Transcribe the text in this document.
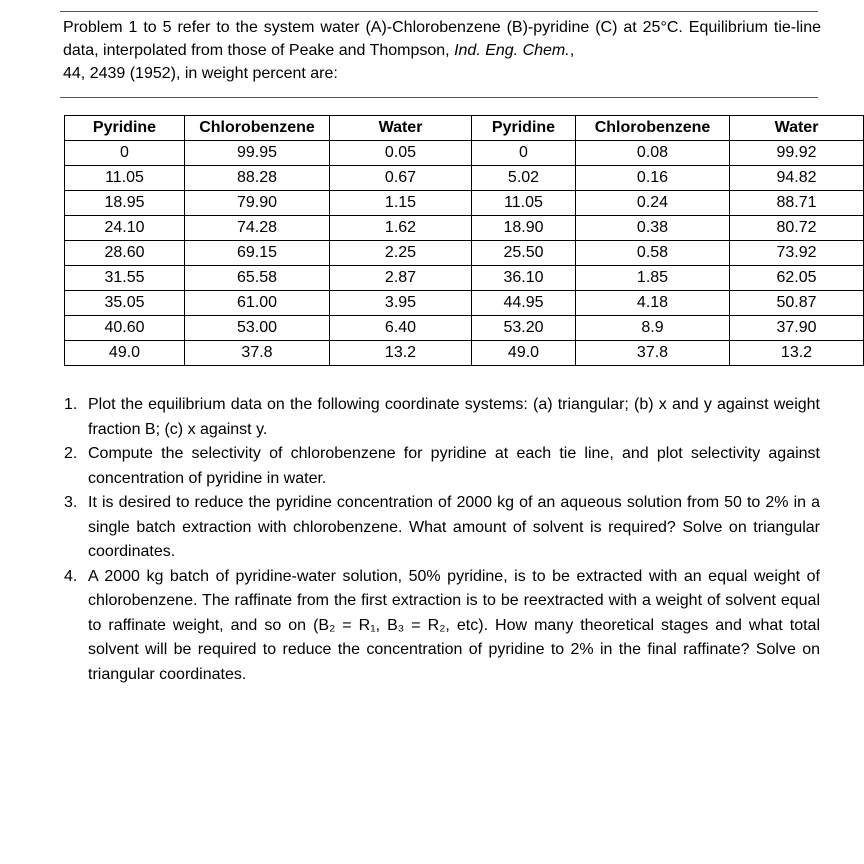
Problem 1 to 5 refer to the system water (A)-Chlorobenzene (B)-pyridine (C) at 25°C. Equilibrium tie-line data, interpolated from those of Peake and Thompson, Ind. Eng. Chem.,
44, 2439 (1952), in weight percent are:

Pyridine	Chlorobenzene	Water	Pyridine	Chlorobenzene	Water
0	99.95	0.05	0	0.08	99.92
11.05	88.28	0.67	5.02	0.16	94.82
18.95	79.90	1.15	11.05	0.24	88.71
24.10	74.28	1.62	18.90	0.38	80.72
28.60	69.15	2.25	25.50	0.58	73.92
31.55	65.58	2.87	36.10	1.85	62.05
35.05	61.00	3.95	44.95	4.18	50.87
40.60	53.00	6.40	53.20	8.9	37.90
49.0	37.8	13.2	49.0	37.8	13.2
1. Plot the equilibrium data on the following coordinate systems: (a) triangular; (b) x and y against weight fraction B; (c) x against y.
2. Compute the selectivity of chlorobenzene for pyridine at each tie line, and plot selectivity against concentration of pyridine in water.
3. It is desired to reduce the pyridine concentration of 2000 kg of an aqueous solution from 50 to 2% in a single batch extraction with chlorobenzene. What amount of solvent is required? Solve on triangular coordinates.
4. A 2000 kg batch of pyridine-water solution, 50% pyridine, is to be extracted with an equal weight of chlorobenzene. The raffinate from the first extraction is to be reextracted with a weight of solvent equal to raffinate weight, and so on (B₂ = R₁, B₃ = R₂, etc). How many theoretical stages and what total solvent will be required to reduce the concentration of pyridine to 2% in the final raffinate? Solve on triangular coordinates.
